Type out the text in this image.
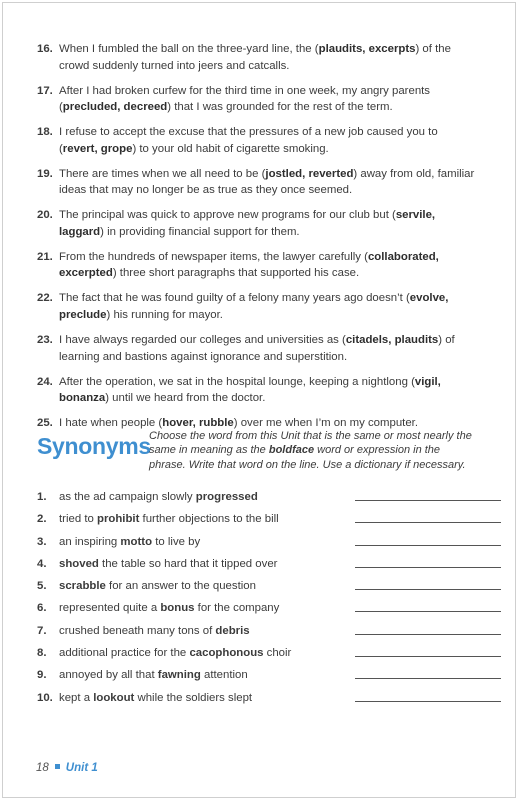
16. When I fumbled the ball on the three-yard line, the (plaudits, excerpts) of the crowd suddenly turned into jeers and catcalls.
17. After I had broken curfew for the third time in one week, my angry parents (precluded, decreed) that I was grounded for the rest of the term.
18. I refuse to accept the excuse that the pressures of a new job caused you to (revert, grope) to your old habit of cigarette smoking.
19. There are times when we all need to be (jostled, reverted) away from old, familiar ideas that may no longer be as true as they once seemed.
20. The principal was quick to approve new programs for our club but (servile, laggard) in providing financial support for them.
21. From the hundreds of newspaper items, the lawyer carefully (collaborated, excerpted) three short paragraphs that supported his case.
22. The fact that he was found guilty of a felony many years ago doesn’t (evolve, preclude) his running for mayor.
23. I have always regarded our colleges and universities as (citadels, plaudits) of learning and bastions against ignorance and superstition.
24. After the operation, we sat in the hospital lounge, keeping a nightlong (vigil, bonanza) until we heard from the doctor.
25. I hate when people (hover, rubble) over me when I’m on my computer.
Synonyms
Choose the word from this Unit that is the same or most nearly the same in meaning as the boldface word or expression in the phrase. Write that word on the line. Use a dictionary if necessary.
1. as the ad campaign slowly progressed
2. tried to prohibit further objections to the bill
3. an inspiring motto to live by
4. shoved the table so hard that it tipped over
5. scrabble for an answer to the question
6. represented quite a bonus for the company
7. crushed beneath many tons of debris
8. additional practice for the cacophonous choir
9. annoyed by all that fawning attention
10. kept a lookout while the soldiers slept
18 Unit 1
